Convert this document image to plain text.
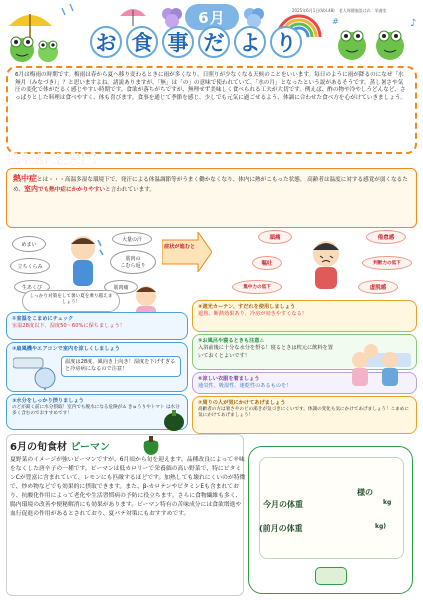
6月	2025年6月1日(Vol.48)　老人保健施設はれ　栄養室
♪
#
お 食 事 だ よ り
6月は梅雨の時期です。梅雨は春から夏へ移り変わるときに雨が多くなり、日照りが少なくなる天候のことをいいます。毎日のように雨が降るのになぜ「水無月（みなづき）」？と思いますよね。諸説ありますが、「無」は「の」の意味で使われていて、「水の月」となったという説があるそうです。蒸し暑さや気圧の変化で体がだるく感じやすい時期です。食欲が落ちがちですが、無理せず美味しく食べられる工夫が大切です。例えば、酢の物や冷やしうどんなど、さっぱりとした料理は食べやすく、体も喜びます。食事を通じて季節を感じ、少しでも元気に過ごせるよう、体調に合わせた食べ方を心がけていきましょう。
熱中症に注意！！
熱中症とは・・・高温多湿な環境下で、発汗による体温調節等がうまく働かなくなり、体内に熱がこもった状態。 高齢者は温度に対する感覚が弱くなるため、室内でも熱中症にかかりやすいと言われています。
めまい
立ちくらみ
生あくび
大量の汗
筋肉の
こむら返り
筋肉痛
症状が進むと
頭痛
嘔吐
倦怠感
集中力の低下
判断力の低下
虚脱感
しっかり対策をして暑い夏を乗り越えましょう！
①室温をこまめにチェック
室温28度以下、湿度50〜60%に保ちましょう！
②扇風機やエアコンで室内を涼しくしましょう
温度は28度、風向き上向き！湿度を下げすぎると冷房病になるので注意！
③水分をしっかり摂りましょう
のどが渇く前に水分摂取！室内でも脱水になる危険が⚠ きゅうりやトマト は水分多く含むのでおすすめです！
④遮光カーテン、すだれを使用しましょう
遮熱、断熱効果あり、冷房が効きやすくなる！
⑤お風呂や寝るときも注意⚠
入浴前後に十分な水分を摂る！寝るときは枕元に飲料を置いておくとよいです！
⑥涼しい衣服を着ましょう
通気性、吸湿性、速乾性のあるものを！
⑦周りの人が気にかけてあげましょう
高齢者の方は暑さやのどの渇きが気づきにくいです。体調の変化も気にかけてあげましょう！こまめに気にかけてあげましょう！
6月の旬食材 ピーマン
夏野菜のイメージが強いピーマンですが、6月頃から旬を迎えます。品種改良によって辛味をなくした唐辛子の一種です。ピーマンは低カロリーで栄養価の高い野菜で、特にビタミンCが豊富に含まれていて、レモンにも匹敵するほどです。加熱しても壊れにくいのが特徴で、炒め物などでも効果的に摂取できます。また、β-カロテンやビタミンEも含まれており、抗酸化作用によって老化や生活習慣病の予防に役立ちます。さらに食物繊維も多く、腸内環境の改善や便秘解消にも効果があります。ピーマン特有の苦味成分には食欲増進や血行促進の作用があるとされており、夏バテ対策にもおすすめです。
様の
今月の体重	kg
(前月の体重	kg)
